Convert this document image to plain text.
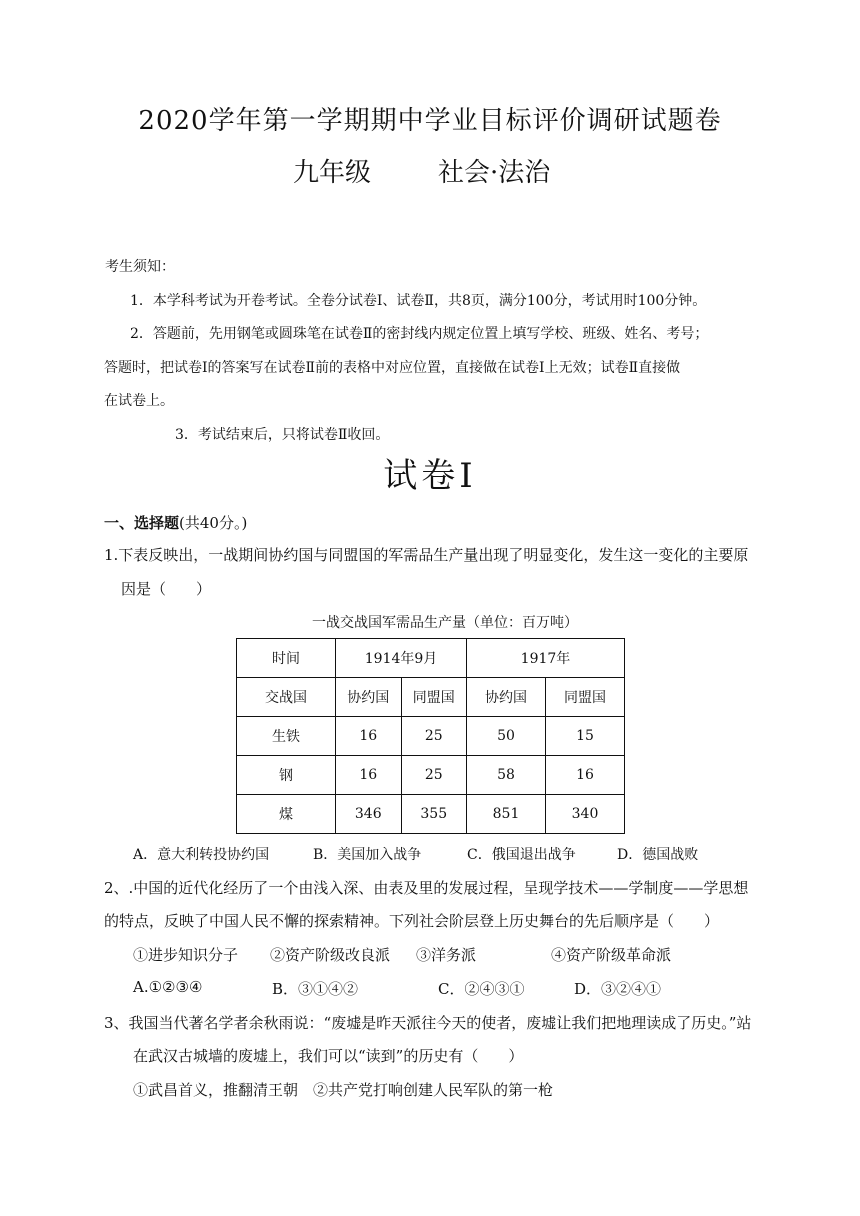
2020学年第一学期期中学业目标评价调研试题卷
九年级	社会·法治
考生须知：
1．本学科考试为开卷考试。全卷分试卷Ⅰ、试卷Ⅱ，共8页，满分100分，考试用时100分钟。
2．答题前，先用钢笔或圆珠笔在试卷Ⅱ的密封线内规定位置上填写学校、班级、姓名、考号；
答题时，把试卷Ⅰ的答案写在试卷Ⅱ前的表格中对应位置，直接做在试卷Ⅰ上无效；试卷Ⅱ直接做
在试卷上。
3．考试结束后，只将试卷Ⅱ收回。
试卷Ⅰ
一、选择题(共40分。)
1.下表反映出，一战期间协约国与同盟国的军需品生产量出现了明显变化，发生这一变化的主要原
因是（　　）
一战交战国军需品生产量（单位：百万吨）
时间	1914年9月		1917年	
交战国	协约国	同盟国	协约国	同盟国
生铁	16	25	50	15
钢	16	25	58	16
煤	346	355	851	340
A．意大利转投协约国	B．美国加入战争	C．俄国退出战争	D．德国战败
2、.中国的近代化经历了一个由浅入深、由表及里的发展过程，呈现学技术——学制度——学思想
的特点，反映了中国人民不懈的探索精神。下列社会阶层登上历史舞台的先后顺序是（　　）
①进步知识分子 ②资产阶级改良派 ③洋务派	④资产阶级革命派
A.①②③④	B．③①④②	C．②④③①	D．③②④①
3、我国当代著名学者余秋雨说：“废墟是昨天派往今天的使者，废墟让我们把地理读成了历史。”站
在武汉古城墙的废墟上，我们可以“读到”的历史有（　　）
①武昌首义，推翻清王朝　②共产党打响创建人民军队的第一枪
